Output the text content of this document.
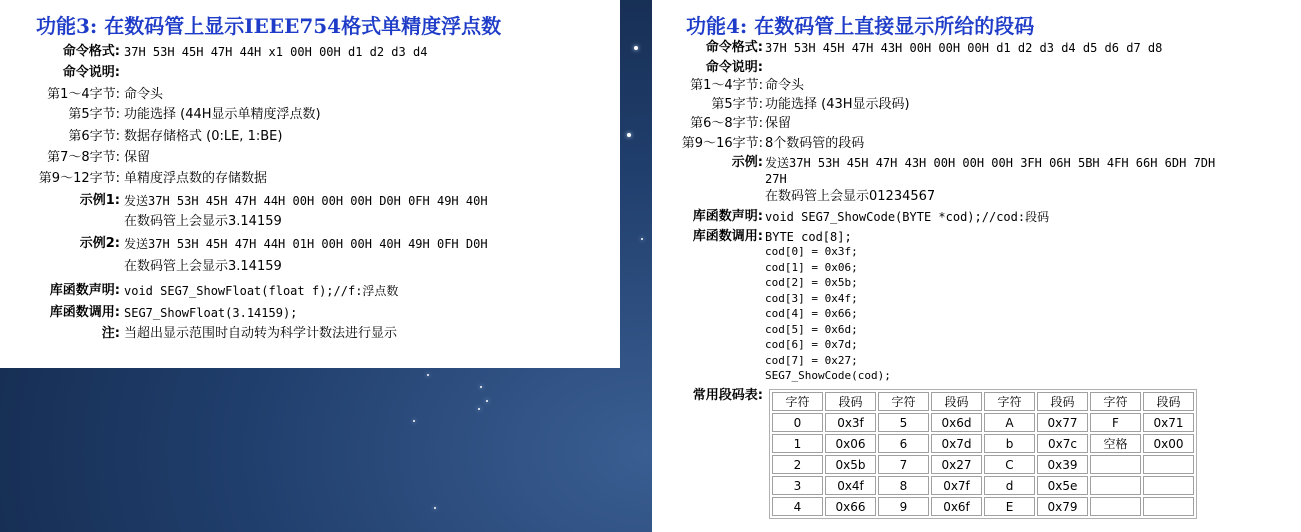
功能3: 在数码管上显示IEEE754格式单精度浮点数
命令格式: 37H 53H 45H 47H 44H x1 00H 00H d1 d2 d3 d4
命令说明:
第1～4字节: 命令头
第5字节: 功能选择 (44H显示单精度浮点数)
第6字节: 数据存储格式 (0:LE, 1:BE)
第7～8字节: 保留
第9～12字节: 单精度浮点数的存储数据
示例1: 发送37H 53H 45H 47H 44H 00H 00H 00H D0H 0FH 49H 40H
在数码管上会显示3.14159
示例2: 发送37H 53H 45H 47H 44H 01H 00H 00H 40H 49H 0FH D0H
在数码管上会显示3.14159
库函数声明: void SEG7_ShowFloat(float f);//f:浮点数
库函数调用: SEG7_ShowFloat(3.14159);
注: 当超出显示范围时自动转为科学计数法进行显示
功能4: 在数码管上直接显示所给的段码
命令格式: 37H 53H 45H 47H 43H 00H 00H 00H d1 d2 d3 d4 d5 d6 d7 d8
命令说明:
第1～4字节: 命令头
第5字节: 功能选择 (43H显示段码)
第6～8字节: 保留
第9～16字节: 8个数码管的段码
示例: 发送37H 53H 45H 47H 43H 00H 00H 00H 3FH 06H 5BH 4FH 66H 6DH 7DH
27H
在数码管上会显示01234567
库函数声明: void SEG7_ShowCode(BYTE *cod);//cod:段码
库函数调用: BYTE cod[8];
cod[0] = 0x3f;
cod[1] = 0x06;
cod[2] = 0x5b;
cod[3] = 0x4f;
cod[4] = 0x66;
cod[5] = 0x6d;
cod[6] = 0x7d;
cod[7] = 0x27;
SEG7_ShowCode(cod);
常用段码表: 字符	段码	字符	段码	字符	段码	字符	段码
0	0x3f	5	0x6d	A	0x77	F	0x71
1	0x06	6	0x7d	b	0x7c	空格	0x00
2	0x5b	7	0x27	C	0x39		
3	0x4f	8	0x7f	d	0x5e		
4	0x66	9	0x6f	E	0x79		
